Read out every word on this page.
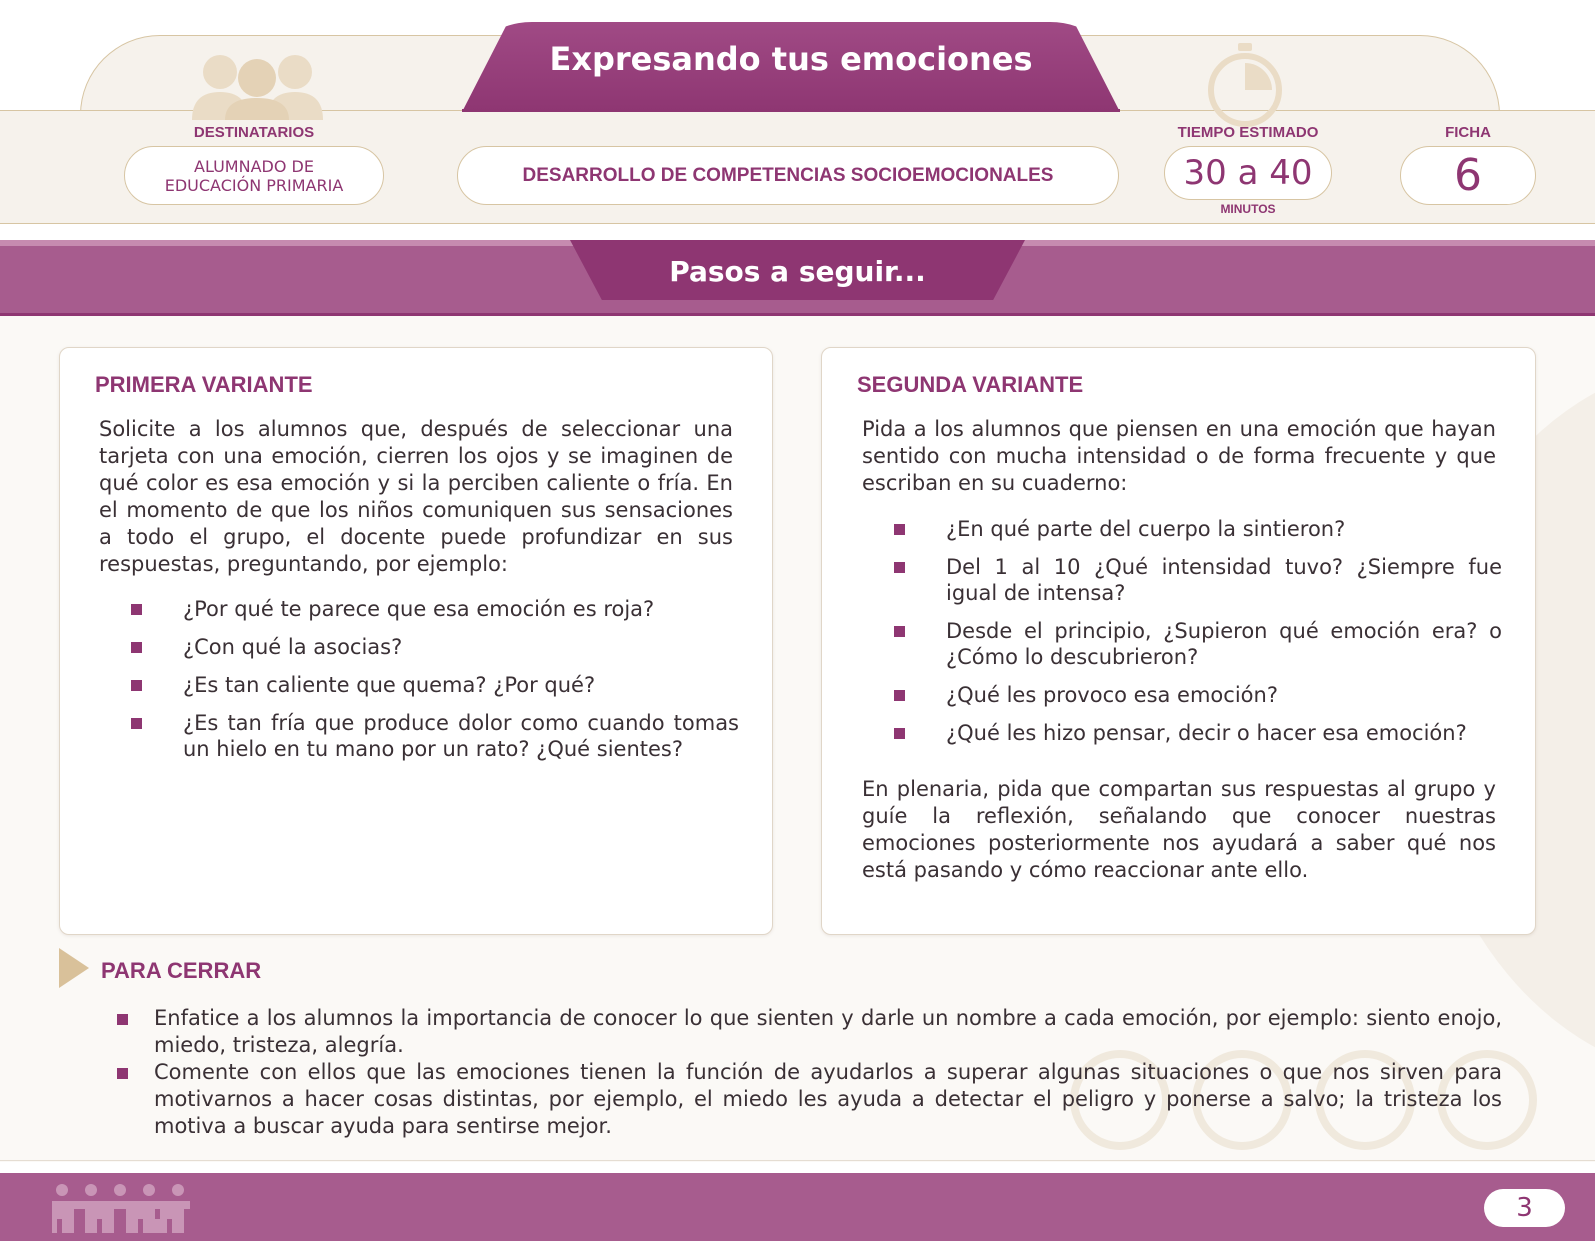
Expresando tus emociones
DESTINATARIOS
ALUMNADO DE
EDUCACIÓN PRIMARIA	DESARROLLO DE COMPETENCIAS SOCIOEMOCIONALES
TIEMPO ESTIMADO
30 a 40
MINUTOS
FICHA
6
Pasos a seguir...
PRIMERA VARIANTE
Solicite a los alumnos que, después de seleccionar una tarjeta con una emoción, cierren los ojos y se imaginen de qué color es esa emoción y si la perciben caliente o fría. En el momento de que los niños comuniquen sus sensaciones a todo el grupo, el docente puede profundizar en sus respuestas, preguntando, por ejemplo:
¿Por qué te parece que esa emoción es roja?
¿Con qué la asocias?
¿Es tan caliente que quema? ¿Por qué?
¿Es tan fría que produce dolor como cuando tomas un hielo en tu mano por un rato? ¿Qué sientes?
SEGUNDA VARIANTE
Pida a los alumnos que piensen en una emoción que hayan sentido con mucha intensidad o de forma frecuente y que escriban en su cuaderno:
¿En qué parte del cuerpo la sintieron?
Del 1 al 10 ¿Qué intensidad tuvo? ¿Siempre fue igual de intensa?
Desde el principio, ¿Supieron qué emoción era? o ¿Cómo lo descubrieron?
¿Qué les provoco esa emoción?
¿Qué les hizo pensar, decir o hacer esa emoción?
En plenaria, pida que compartan sus respuestas al grupo y guíe la reflexión, señalando que conocer nuestras emociones posteriormente nos ayudará a saber qué nos está pasando y cómo reaccionar ante ello.
PARA CERRAR
Enfatice a los alumnos la importancia de conocer lo que sienten y darle un nombre a cada emoción, por ejemplo: siento enojo, miedo, tristeza, alegría.
Comente con ellos que las emociones tienen la función de ayudarlos a superar algunas situaciones o que nos sirven para motivarnos a hacer cosas distintas, por ejemplo, el miedo les ayuda a detectar el peligro y ponerse a salvo; la tristeza los motiva a buscar ayuda para sentirse mejor.
3
